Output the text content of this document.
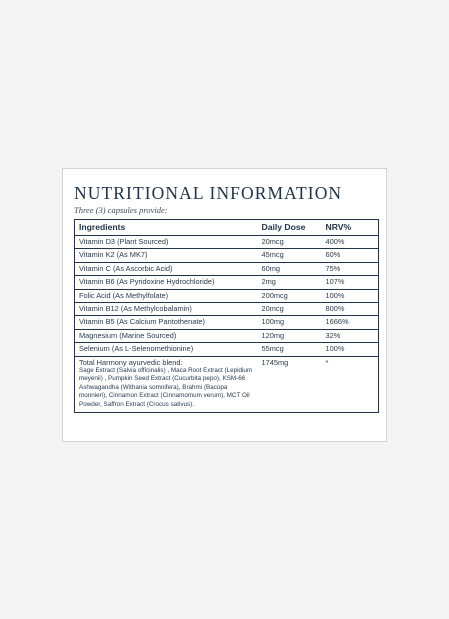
NUTRITIONAL INFORMATION
Three (3) capsules provide:
Ingredients	Daily Dose	NRV%
Vitamin D3 (Plant Sourced)	20mcg	400%
Vitamin K2 (As MK7)	45mcg	60%
Vitamin C (As Ascorbic Acid)	60mg	75%
Vitamin B6 (As Pyridoxine Hydrochloride)	2mg	107%
Folic Acid (As Methylfolate)	200mcg	100%
Vitamin B12 (As Methylcobalamin)	20mcg	800%
Vitamin B5 (As Calcium Pantothenate)	100mg	1666%
Magnesium (Marine Sourced)	120mg	32%
Selenium (As L-Selenomethionine)	55mcg	100%

Total Harmony ayurvedic blend:
Sage Extract (Salvia officinalis) , Maca Root Extract (Lepidium meyenii) , Pumpkin Seed Extract (Cucurbita pepo), KSM-66 Ashwagandha (Withania somnifera), Brahmi (Bacopa monnieri), Cinnamon Extract (Cinnamomum verum), MCT Oil Powder, Saffron Extract (Crocus sativus).	1745mg	*
